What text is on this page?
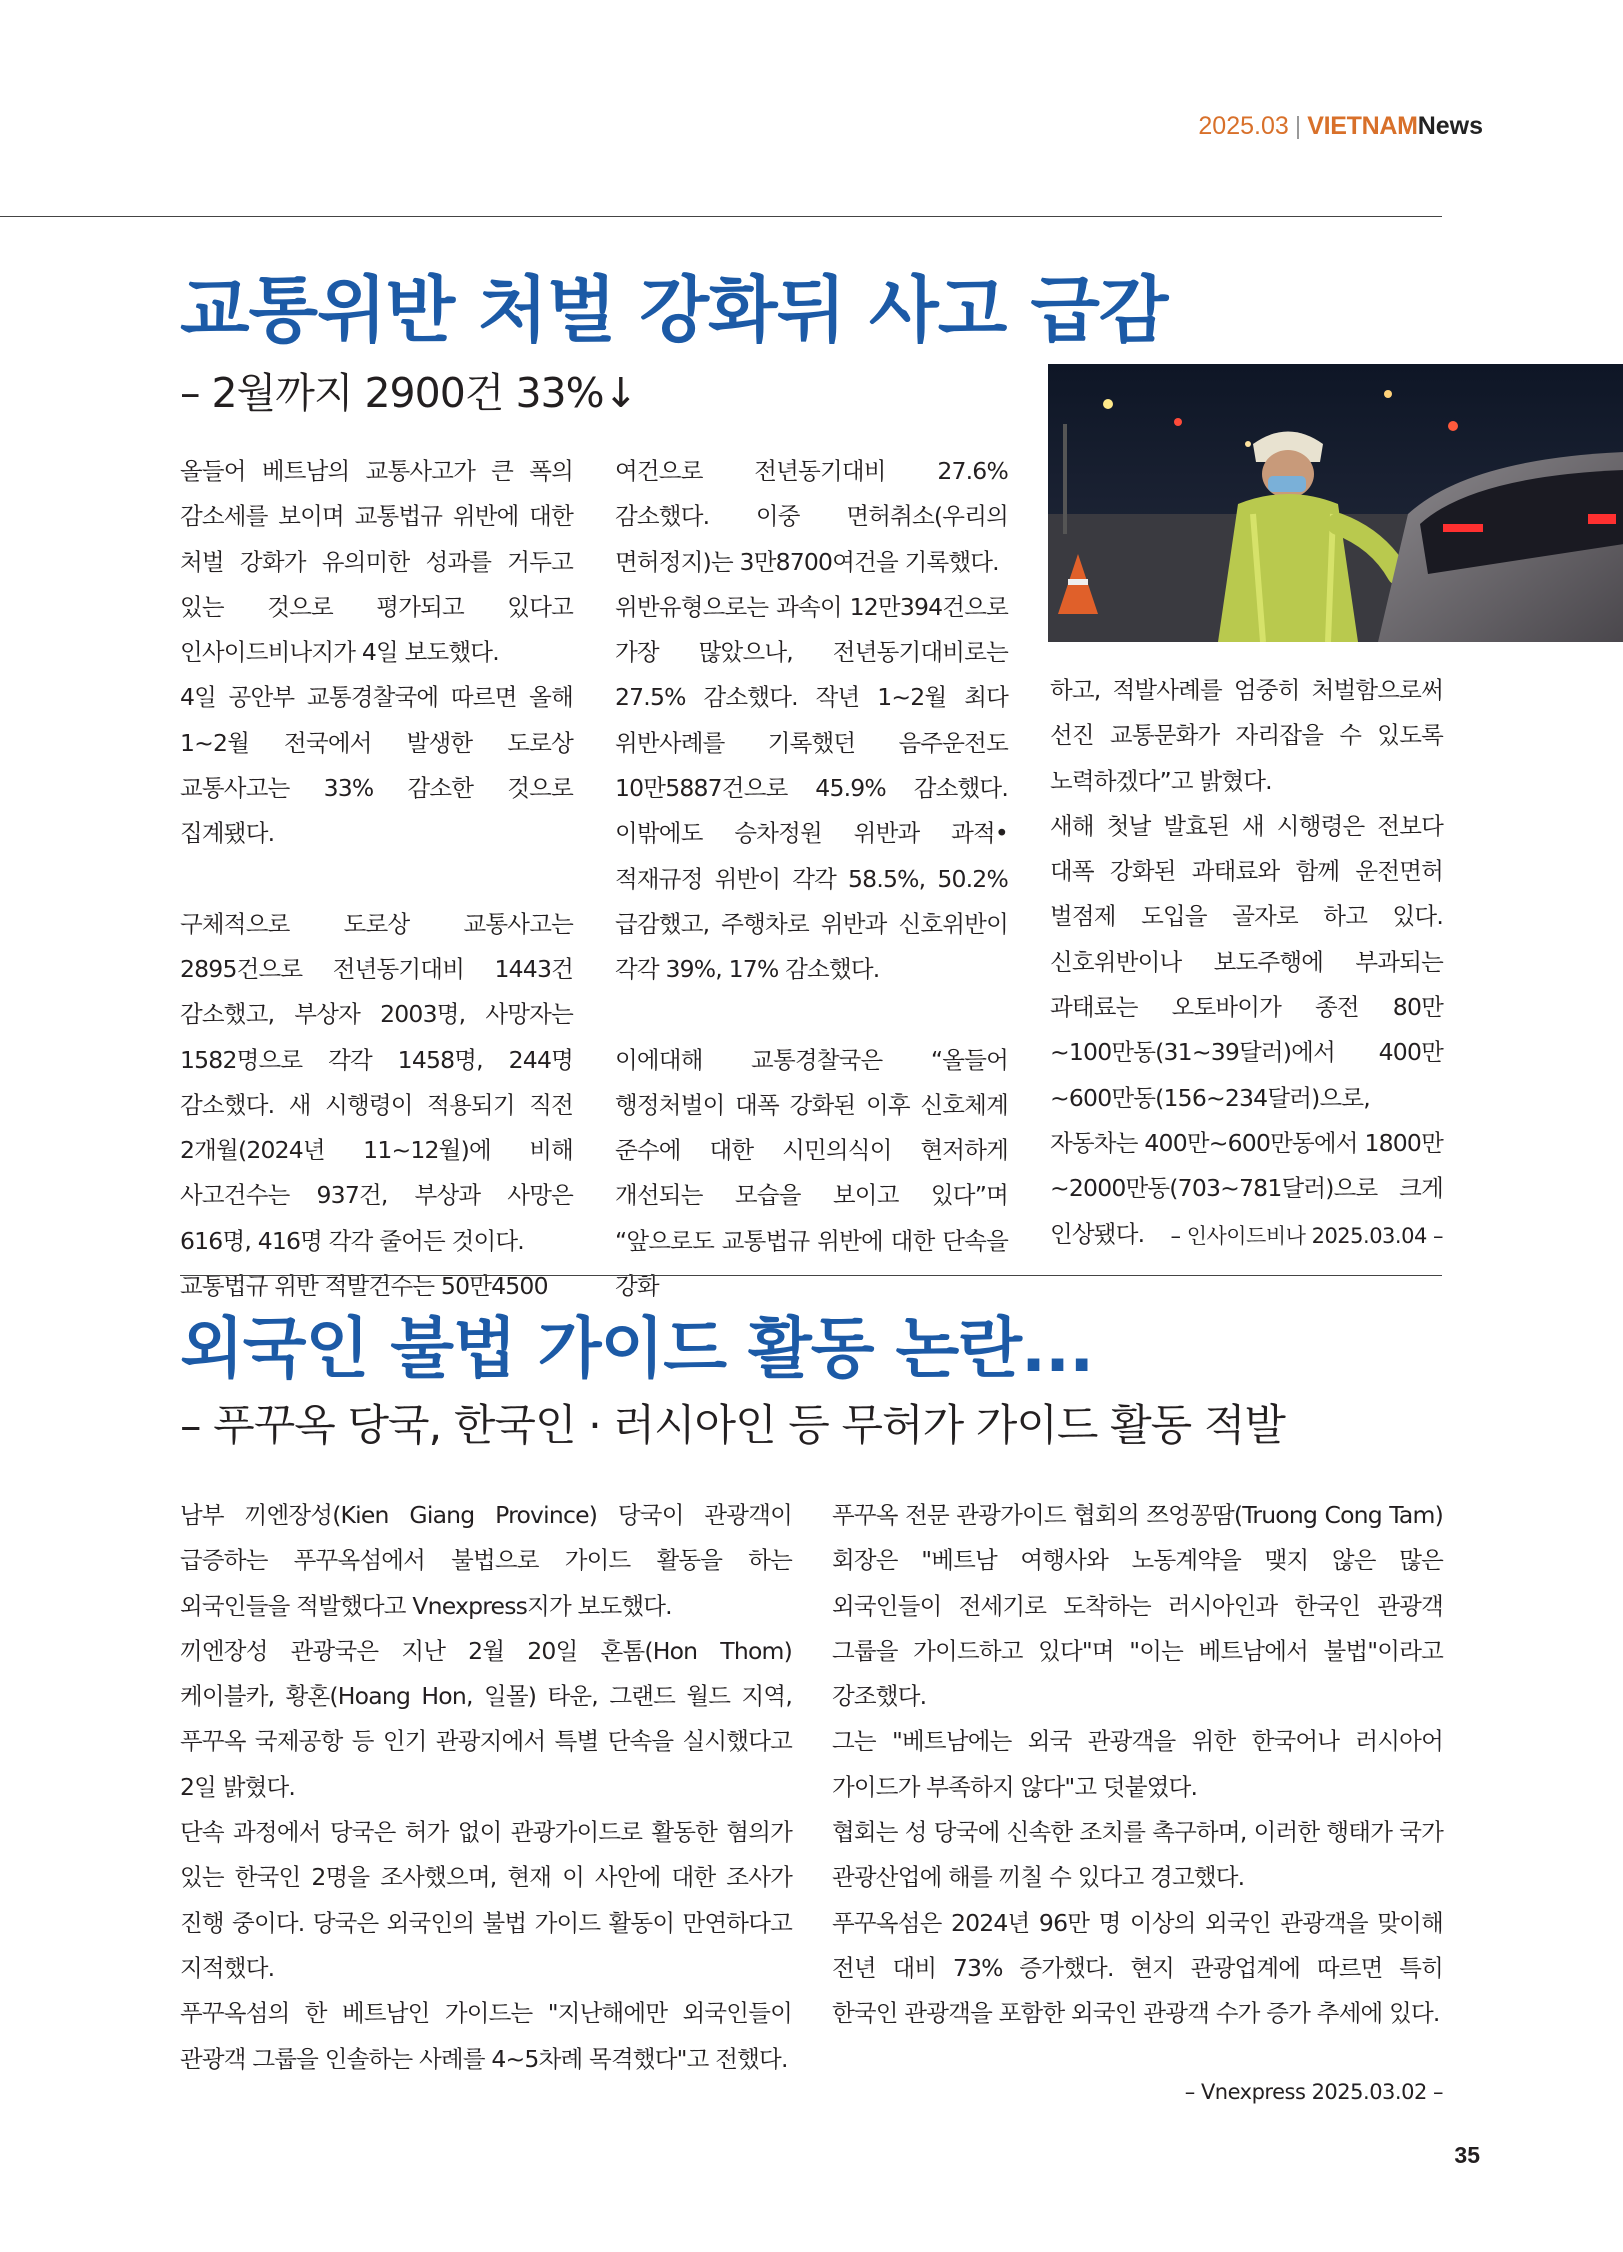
2025.03 | VIETNAMNews
교통위반 처벌 강화뒤 사고 급감
– 2월까지 2900건 33%↓

올들어 베트남의 교통사고가 큰 폭의 감소세를 보이며 교통법규 위반에 대한 처벌 강화가 유의미한 성과를 거두고 있는 것으로 평가되고 있다고 인사이드비나지가 4일 보도했다.

4일 공안부 교통경찰국에 따르면 올해 1~2월 전국에서 발생한 도로상 교통사고는 33% 감소한 것으로 집계됐다.

구체적으로 도로상 교통사고는 2895건으로 전년동기대비 1443건 감소했고, 부상자 2003명, 사망자는 1582명으로 각각 1458명, 244명 감소했다. 새 시행령이 적용되기 직전 2개월(2024년 11~12월)에 비해 사고건수는 937건, 부상과 사망은 616명, 416명 각각 줄어든 것이다.

교통법규 위반 적발건수는 50만4500

여건으로 전년동기대비 27.6% 감소했다. 이중 면허취소(우리의 면허정지)는 3만8700여건을 기록했다.

위반유형으로는 과속이 12만394건으로 가장 많았으나, 전년동기대비로는 27.5% 감소했다. 작년 1~2월 최다 위반사례를 기록했던 음주운전도 10만5887건으로 45.9% 감소했다. 이밖에도 승차정원 위반과 과적•적재규정 위반이 각각 58.5%, 50.2% 급감했고, 주행차로 위반과 신호위반이 각각 39%, 17% 감소했다.

이에대해 교통경찰국은 “올들어 행정처벌이 대폭 강화된 이후 신호체계 준수에 대한 시민의식이 현저하게 개선되는 모습을 보이고 있다”며 “앞으로도 교통법규 위반에 대한 단속을 강화

하고, 적발사례를 엄중히 처벌함으로써 선진 교통문화가 자리잡을 수 있도록 노력하겠다”고 밝혔다.

새해 첫날 발효된 새 시행령은 전보다 대폭 강화된 과태료와 함께 운전면허 벌점제 도입을 골자로 하고 있다. 신호위반이나 보도주행에 부과되는 과태료는 오토바이가 종전 80만~100만동(31~39달러)에서 400만~600만동(156~234달러)으로, 자동차는 400만~600만동에서 1800만~2000만동(703~781달러)으로 크게 인상됐다.	– 인사이드비나 2025.03.04 –
외국인 불법 가이드 활동 논란...
– 푸꾸옥 당국, 한국인 · 러시아인 등 무허가 가이드 활동 적발

남부 끼엔장성(Kien Giang Province) 당국이 관광객이 급증하는 푸꾸옥섬에서 불법으로 가이드 활동을 하는 외국인들을 적발했다고 Vnexpress지가 보도했다.

끼엔장성 관광국은 지난 2월 20일 혼톰(Hon Thom) 케이블카, 황혼(Hoang Hon, 일몰) 타운, 그랜드 월드 지역, 푸꾸옥 국제공항 등 인기 관광지에서 특별 단속을 실시했다고 2일 밝혔다.

단속 과정에서 당국은 허가 없이 관광가이드로 활동한 혐의가 있는 한국인 2명을 조사했으며, 현재 이 사안에 대한 조사가 진행 중이다. 당국은 외국인의 불법 가이드 활동이 만연하다고 지적했다.

푸꾸옥섬의 한 베트남인 가이드는 "지난해에만 외국인들이 관광객 그룹을 인솔하는 사례를 4~5차례 목격했다"고 전했다.

푸꾸옥 전문 관광가이드 협회의 쯔엉꽁땀(Truong Cong Tam) 회장은 "베트남 여행사와 노동계약을 맺지 않은 많은 외국인들이 전세기로 도착하는 러시아인과 한국인 관광객 그룹을 가이드하고 있다"며 "이는 베트남에서 불법"이라고 강조했다.

그는 "베트남에는 외국 관광객을 위한 한국어나 러시아어 가이드가 부족하지 않다"고 덧붙였다.

협회는 성 당국에 신속한 조치를 촉구하며, 이러한 행태가 국가 관광산업에 해를 끼칠 수 있다고 경고했다.

푸꾸옥섬은 2024년 96만 명 이상의 외국인 관광객을 맞이해 전년 대비 73% 증가했다. 현지 관광업계에 따르면 특히 한국인 관광객을 포함한 외국인 관광객 수가 증가 추세에 있다.

– Vnexpress 2025.03.02 –
35
